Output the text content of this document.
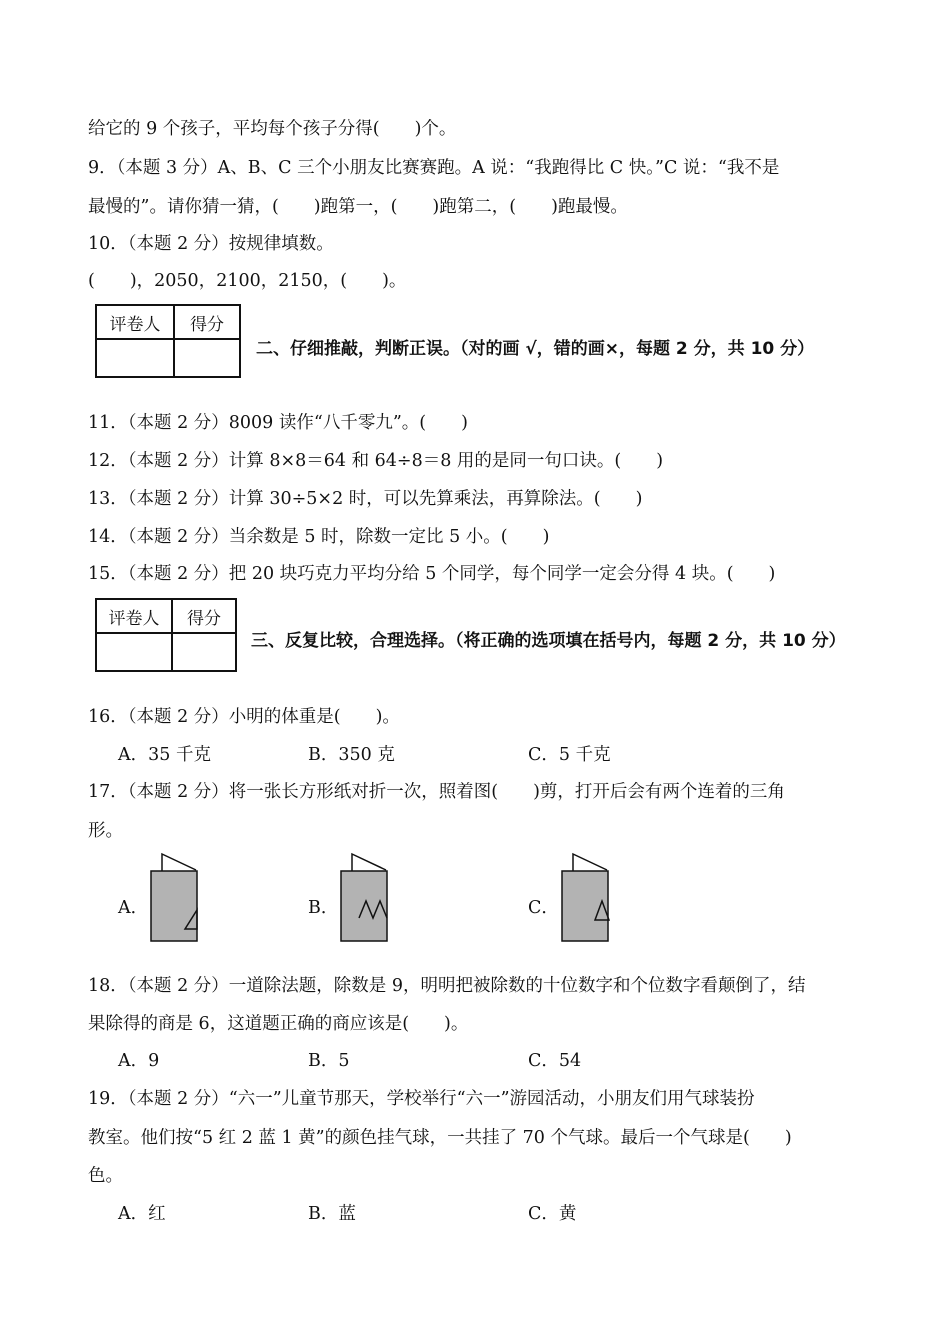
给它的 9 个孩子，平均每个孩子分得(　　)个。
9．（本题 3 分）A、B、C 三个小朋友比赛赛跑。A 说：“我跑得比 C 快。”C 说：“我不是
最慢的”。请你猜一猜，(　　)跑第一，(　　)跑第二，(　　)跑最慢。
10．（本题 2 分）按规律填数。
(　　)，2050，2100，2150，(　　)。
评卷人	得分

二、仔细推敲，判断正误。（对的画 √，错的画×，每题 2 分，共 10 分）
11．（本题 2 分）8009 读作“八千零九”。(　　)
12．（本题 2 分）计算 8×8＝64 和 64÷8＝8 用的是同一句口诀。(　　)
13．（本题 2 分）计算 30÷5×2 时，可以先算乘法，再算除法。(　　)
14．（本题 2 分）当余数是 5 时，除数一定比 5 小。(　　)
15．（本题 2 分）把 20 块巧克力平均分给 5 个同学，每个同学一定会分得 4 块。(　　)
评卷人	得分

三、反复比较，合理选择。（将正确的选项填在括号内，每题 2 分，共 10 分）
16．（本题 2 分）小明的体重是(　　)。
A．35 千克	B．350 克	C．5 千克
17．（本题 2 分）将一张长方形纸对折一次，照着图(　　)剪，打开后会有两个连着的三角
形。
A．	B．	C．
18．（本题 2 分）一道除法题，除数是 9，明明把被除数的十位数字和个位数字看颠倒了，结
果除得的商是 6，这道题正确的商应该是(　　)。
A．9	B．5	C．54
19．（本题 2 分）“六一”儿童节那天，学校举行“六一”游园活动，小朋友们用气球装扮
教室。他们按“5 红 2 蓝 1 黄”的颜色挂气球，一共挂了 70 个气球。最后一个气球是(　　)
色。
A．红	B．蓝	C．黄
